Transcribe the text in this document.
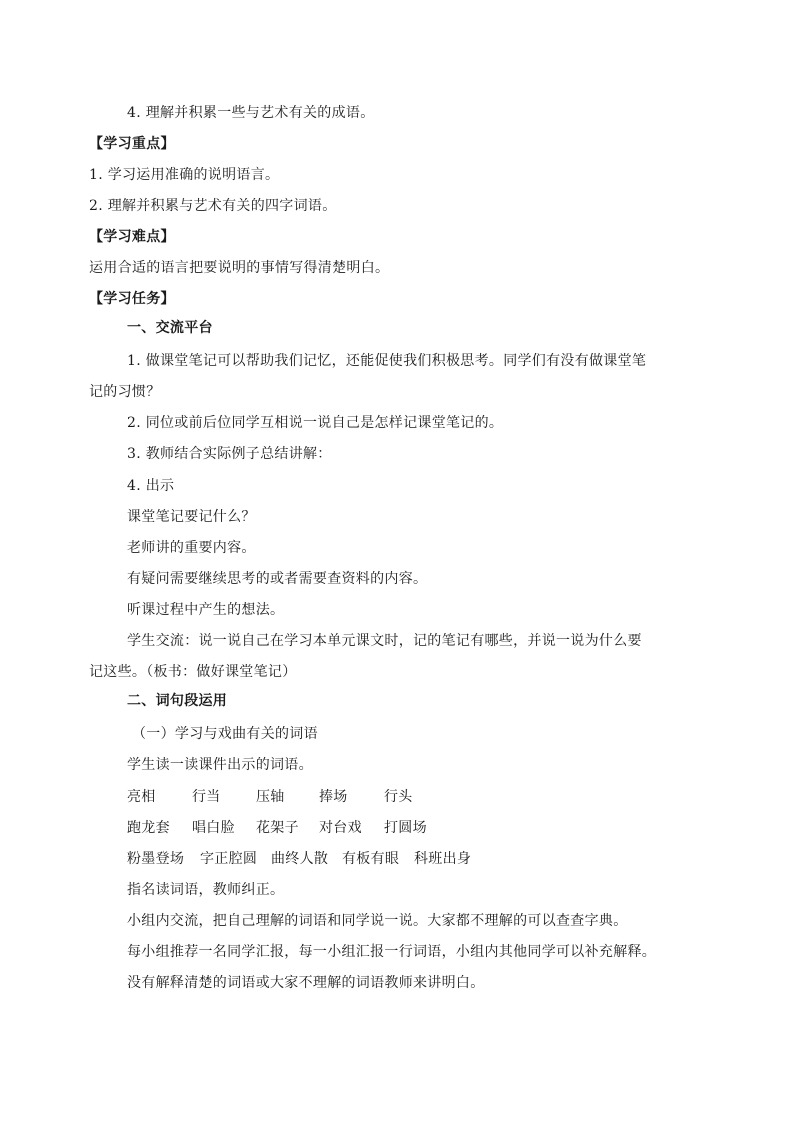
4. 理解并积累一些与艺术有关的成语。
【学习重点】
1. 学习运用准确的说明语言。
2. 理解并积累与艺术有关的四字词语。
【学习难点】
运用合适的语言把要说明的事情写得清楚明白。
【学习任务】
一、交流平台
1. 做课堂笔记可以帮助我们记忆，还能促使我们积极思考。同学们有没有做课堂笔
记的习惯？
2. 同位或前后位同学互相说一说自己是怎样记课堂笔记的。
3. 教师结合实际例子总结讲解：
4. 出示
课堂笔记要记什么？
老师讲的重要内容。
有疑问需要继续思考的或者需要查资料的内容。
听课过程中产生的想法。
学生交流：说一说自己在学习本单元课文时，记的笔记有哪些，并说一说为什么要
记这些。（板书：做好课堂笔记）
二、词句段运用
（一）学习与戏曲有关的词语
学生读一读课件出示的词语。
亮相	行当	压轴 捧场	行头
跑龙套 唱白脸 花架子 对台戏 打圆场
粉墨登场 字正腔圆 曲终人散 有板有眼 科班出身
指名读词语，教师纠正。
小组内交流，把自己理解的词语和同学说一说。大家都不理解的可以查查字典。
每小组推荐一名同学汇报，每一小组汇报一行词语，小组内其他同学可以补充解释。
没有解释清楚的词语或大家不理解的词语教师来讲明白。
